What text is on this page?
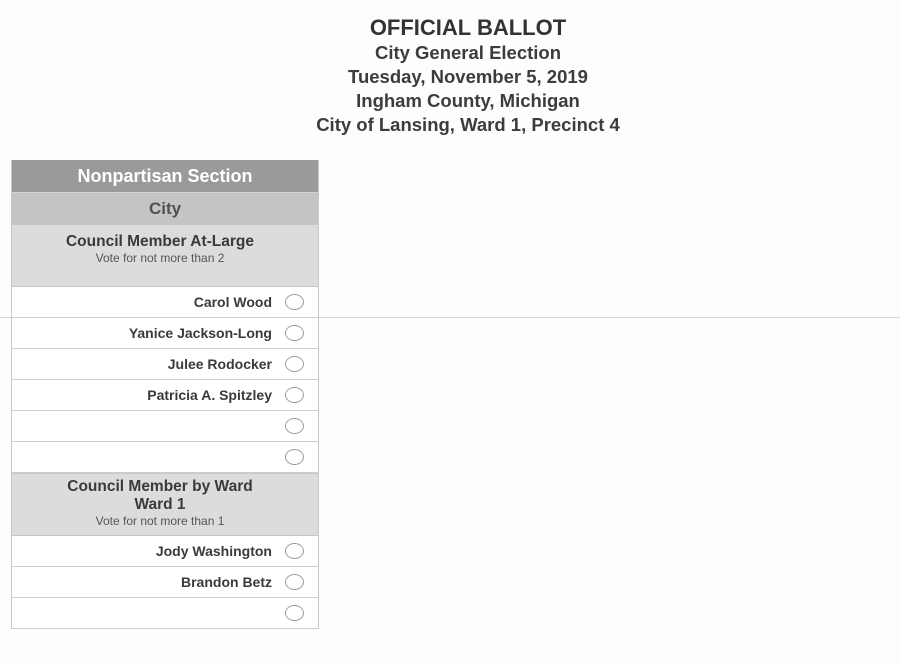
OFFICIAL BALLOT
City General Election
Tuesday, November 5, 2019
Ingham County, Michigan
City of Lansing, Ward 1, Precinct 4
Nonpartisan Section
City
Council Member At-Large
Vote for not more than 2
Carol Wood
Yanice Jackson-Long
Julee Rodocker
Patricia A. Spitzley
Council Member by Ward
Ward 1
Vote for not more than 1
Jody Washington
Brandon Betz
